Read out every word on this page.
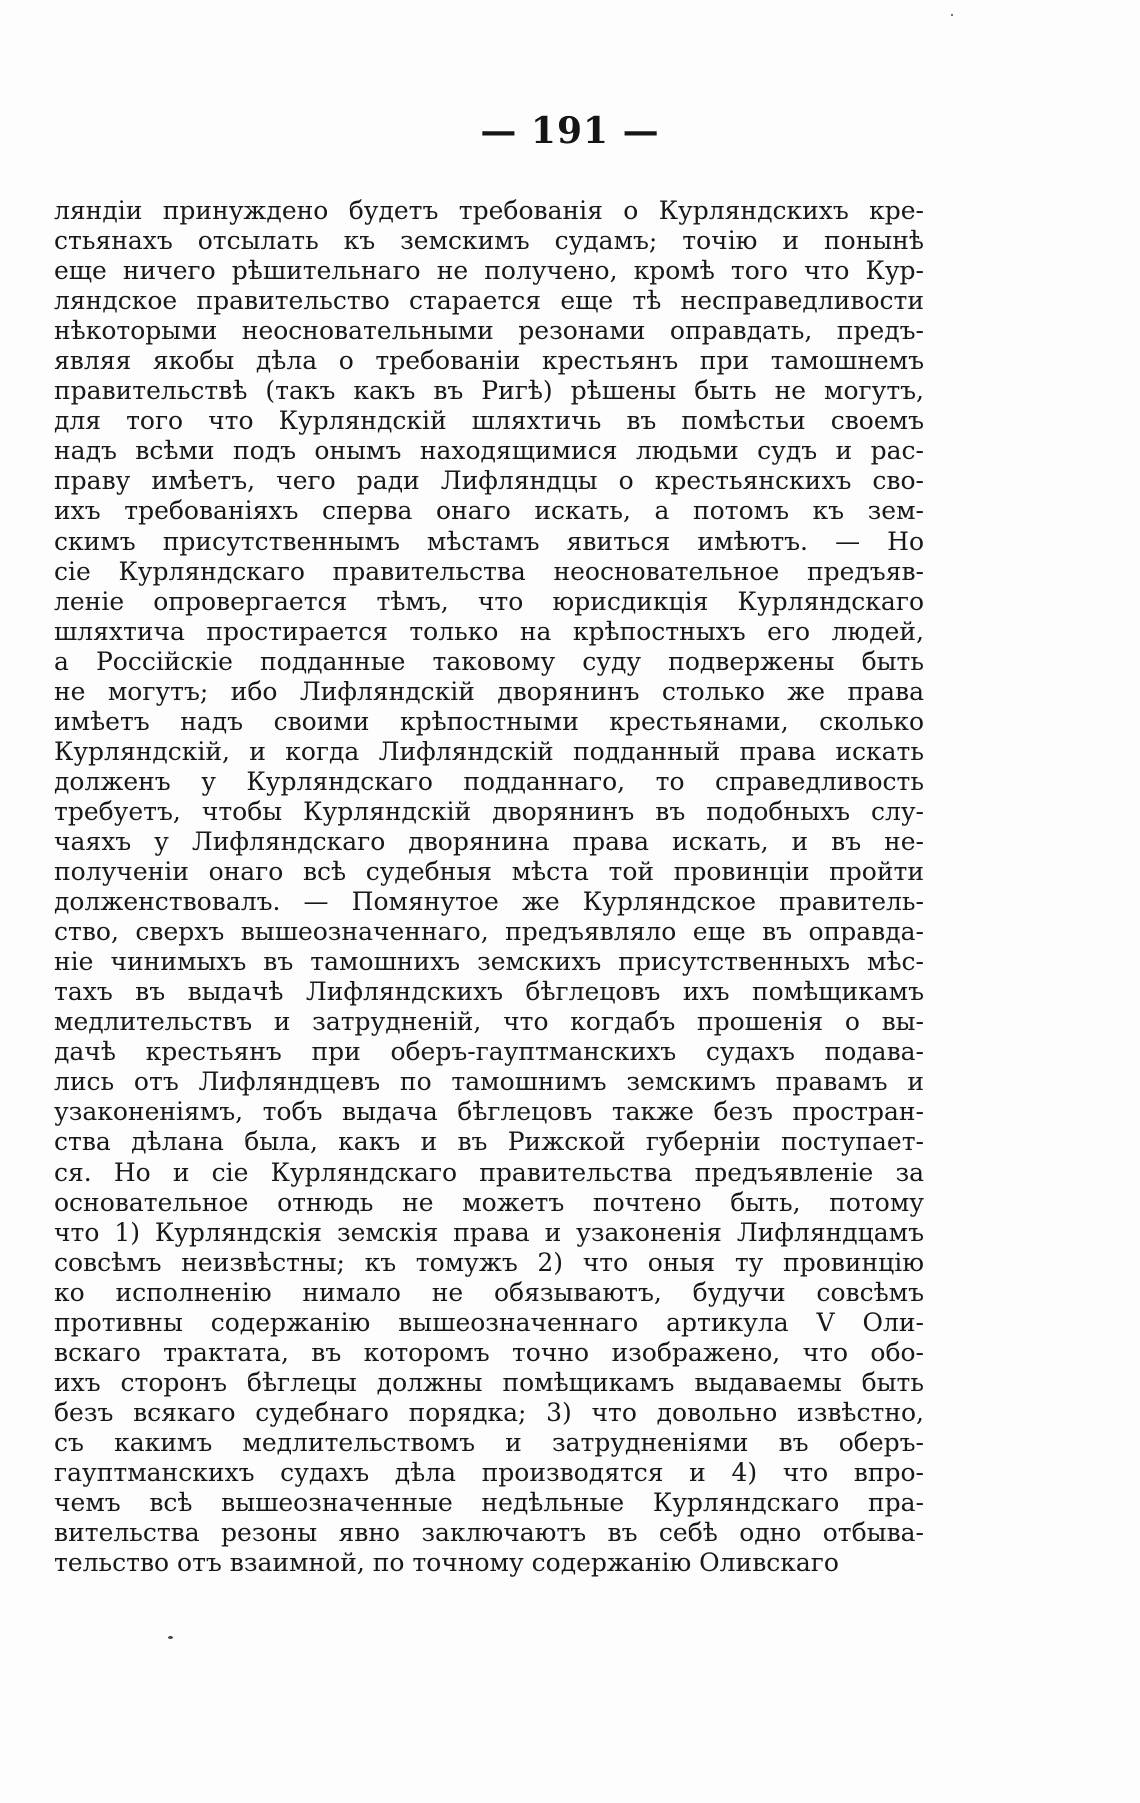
— 191 —
ляндіи принуждено будетъ требованія о Курляндскихъ кре-
стьянахъ отсылать къ земскимъ судамъ; точію и понынѣ
еще ничего рѣшительнаго не получено, кромѣ того что Кур-
ляндское правительство старается еще тѣ несправедливости
нѣкоторыми неосновательными резонами оправдать, предъ-
являя якобы дѣла о требованіи крестьянъ при тамошнемъ
правительствѣ (такъ какъ въ Ригѣ) рѣшены быть не могутъ,
для того что Курляндскій шляхтичь въ помѣстьи своемъ
надъ всѣми подъ онымъ находящимися людьми судъ и рас-
праву имѣетъ, чего ради Лифляндцы о крестьянскихъ сво-
ихъ требованіяхъ сперва онаго искать, а потомъ къ зем-
скимъ присутственнымъ мѣстамъ явиться имѣютъ. — Но
сіе Курляндскаго правительства неосновательное предъяв-
леніе опровергается тѣмъ, что юрисдикція Курляндскаго
шляхтича простирается только на крѣпостныхъ его людей,
а Россійскіе подданные таковому суду подвержены быть
не могутъ; ибо Лифляндскій дворянинъ столько же права
имѣетъ надъ своими крѣпостными крестьянами, сколько
Курляндскій, и когда Лифляндскій подданный права искать
долженъ у Курляндскаго подданнаго, то справедливость
требуетъ, чтобы Курляндскій дворянинъ въ подобныхъ слу-
чаяхъ у Лифляндскаго дворянина права искать, и въ не-
полученіи онаго всѣ судебныя мѣста той провинціи пройти
долженствовалъ. — Помянутое же Курляндское правитель-
ство, сверхъ вышеозначеннаго, предъявляло еще въ оправда-
ніе чинимыхъ въ тамошнихъ земскихъ присутственныхъ мѣс-
тахъ въ выдачѣ Лифляндскихъ бѣглецовъ ихъ помѣщикамъ
медлительствъ и затрудненій, что когдабъ прошенія о вы-
дачѣ крестьянъ при оберъ-гауптманскихъ судахъ подава-
лись отъ Лифляндцевъ по тамошнимъ земскимъ правамъ и
узаконеніямъ, тобъ выдача бѣглецовъ также безъ простран-
ства дѣлана была, какъ и въ Рижской губерніи поступает-
ся. Но и сіе Курляндскаго правительства предъявленіе за
основательное отнюдь не можетъ почтено быть, потому
что 1) Курляндскія земскія права и узаконенія Лифляндцамъ
совсѣмъ неизвѣстны; къ томужъ 2) что оныя ту провинцію
ко исполненію нимало не обязываютъ, будучи совсѣмъ
противны содержанію вышеозначеннаго артикула V Оли-
вскаго трактата, въ которомъ точно изображено, что обо-
ихъ сторонъ бѣглецы должны помѣщикамъ выдаваемы быть
безъ всякаго судебнаго порядка; 3) что довольно извѣстно,
съ какимъ медлительствомъ и затрудненіями въ оберъ-
гауптманскихъ судахъ дѣла производятся и 4) что впро-
чемъ всѣ вышеозначенные недѣльные Курляндскаго пра-
вительства резоны явно заключаютъ въ себѣ одно отбыва-
тельство отъ взаимной, по точному содержанію Оливскаго
